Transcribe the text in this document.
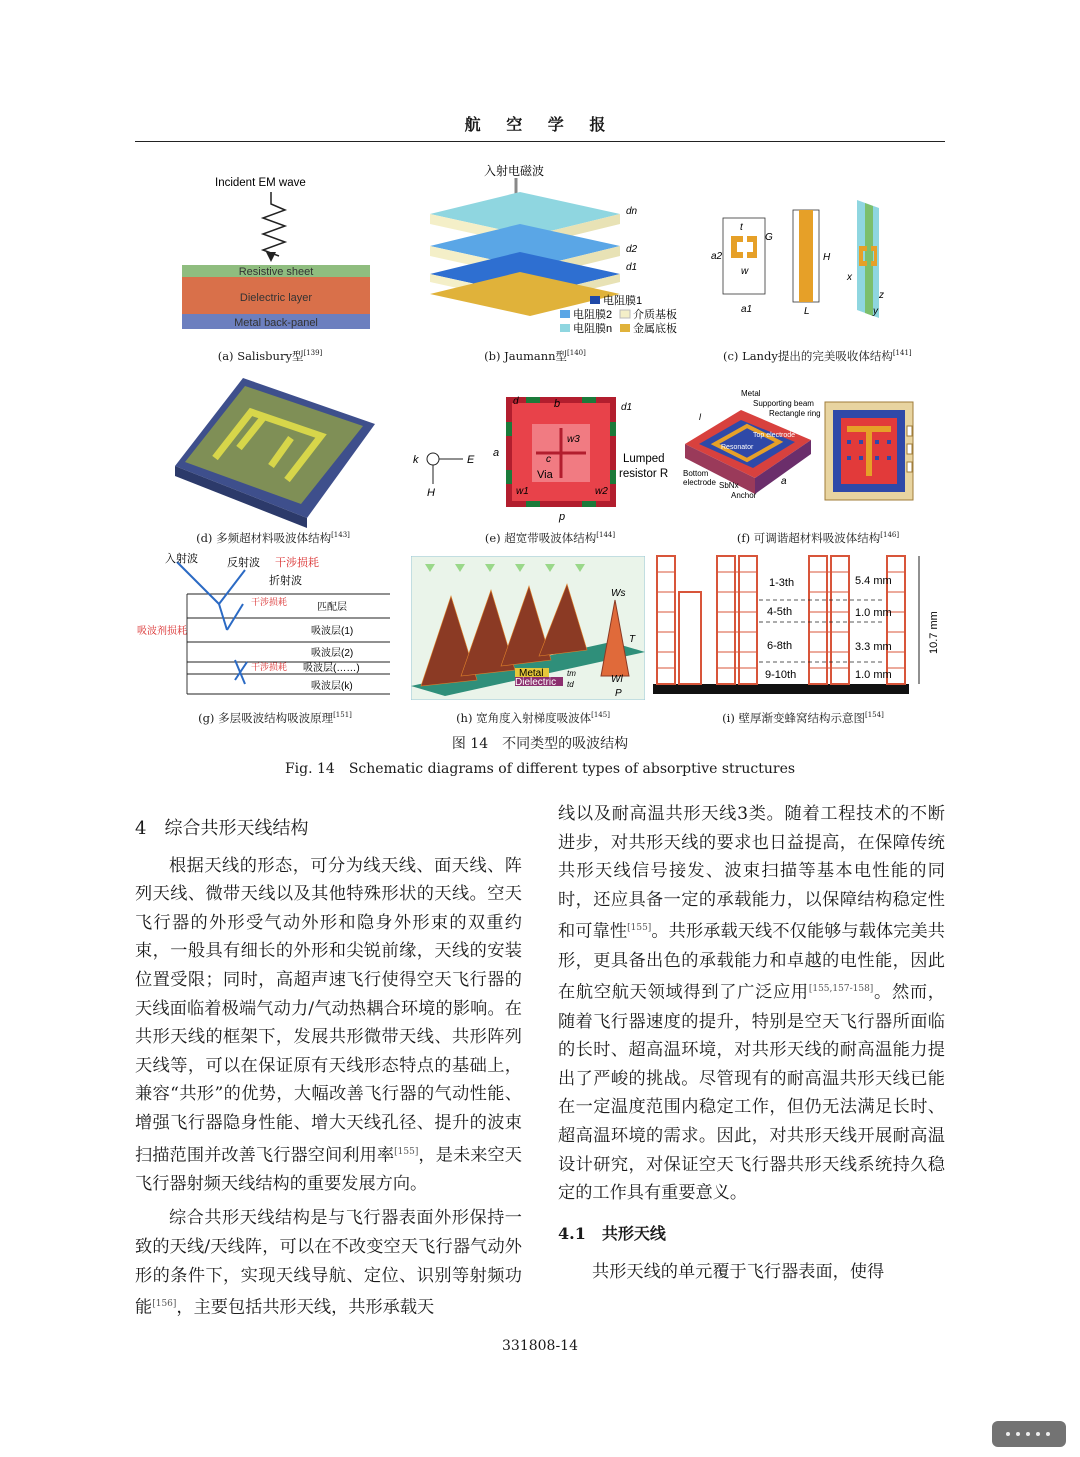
航 空 学 报
Incident EM wave
Resistive sheet
Dielectric layer
Metal back-panel
(a) Salisbury型[139]
入射电磁波
dn
d2
d1
电阻膜1
电阻膜2 介质基板
电阻膜n 金属底板
(b) Jaumann型[140]
t
G
a2
w
a1
H
L
x
z
y
(c) Landy提出的完美吸收体结构[141]
(d) 多频超材料吸波体结构[143]
b
d
d1
a
w3
c
Via
w1	w2
p
k	E
H
Lumped
resistor R
(e) 超宽带吸波体结构[144]
Metal
Supporting beam
Rectangle ring
Top electrode
Resonator
l
Bottom
electrode SbNx
Anchor
a
(f) 可调谐超材料吸波体结构[146]
入射波	反射波 干涉损耗
折射波
吸波剂损耗
干涉损耗
干涉损耗
匹配层
吸波层(1)
吸波层(2)
吸波层(……)
吸波层(k)
(g) 多层吸波结构吸波原理[151]
Metal
Dielectric
Ws
T
Wl
P
tm
td
(h) 宽角度入射梯度吸波体[145]
1-3th
4-5th
6-8th
9-10th
5.4 mm
1.0 mm
3.3 mm
1.0 mm
10.7 mm
(i) 壁厚渐变蜂窝结构示意图[154]
图 14　不同类型的吸波结构
Fig. 14　Schematic diagrams of different types of absorptive structures
4　综合共形天线结构

根据天线的形态，可分为线天线、面天线、阵列天线、微带天线以及其他特殊形状的天线。空天飞行器的外形受气动外形和隐身外形束的双重约束，一般具有细长的外形和尖锐前缘，天线的安装位置受限；同时，高超声速飞行使得空天飞行器的天线面临着极端气动力/气动热耦合环境的影响。在共形天线的框架下，发展共形微带天线、共形阵列天线等，可以在保证原有天线形态特点的基础上，兼容“共形”的优势，大幅改善飞行器的气动性能、增强飞行器隐身性能、增大天线孔径、提升的波束扫描范围并改善飞行器空间利用率[155]，是未来空天飞行器射频天线结构的重要发展方向。

综合共形天线结构是与飞行器表面外形保持一致的天线/天线阵，可以在不改变空天飞行器气动外形的条件下，实现天线导航、定位、识别等射频功能[156]，主要包括共形天线，共形承载天

线以及耐高温共形天线3类。随着工程技术的不断进步，对共形天线的要求也日益提高，在保障传统共形天线信号接发、波束扫描等基本电性能的同时，还应具备一定的承载能力，以保障结构稳定性和可靠性[155]。共形承载天线不仅能够与载体完美共形，更具备出色的承载能力和卓越的电性能，因此在航空航天领域得到了广泛应用[155,157-158]。然而，随着飞行器速度的提升，特别是空天飞行器所面临的长时、超高温环境，对共形天线的耐高温能力提出了严峻的挑战。尽管现有的耐高温共形天线已能在一定温度范围内稳定工作，但仍无法满足长时、超高温环境的需求。因此，对共形天线开展耐高温设计研究，对保证空天飞行器共形天线系统持久稳定的工作具有重要意义。

4.1　共形天线

共形天线的单元覆于飞行器表面，使得

331808-14
